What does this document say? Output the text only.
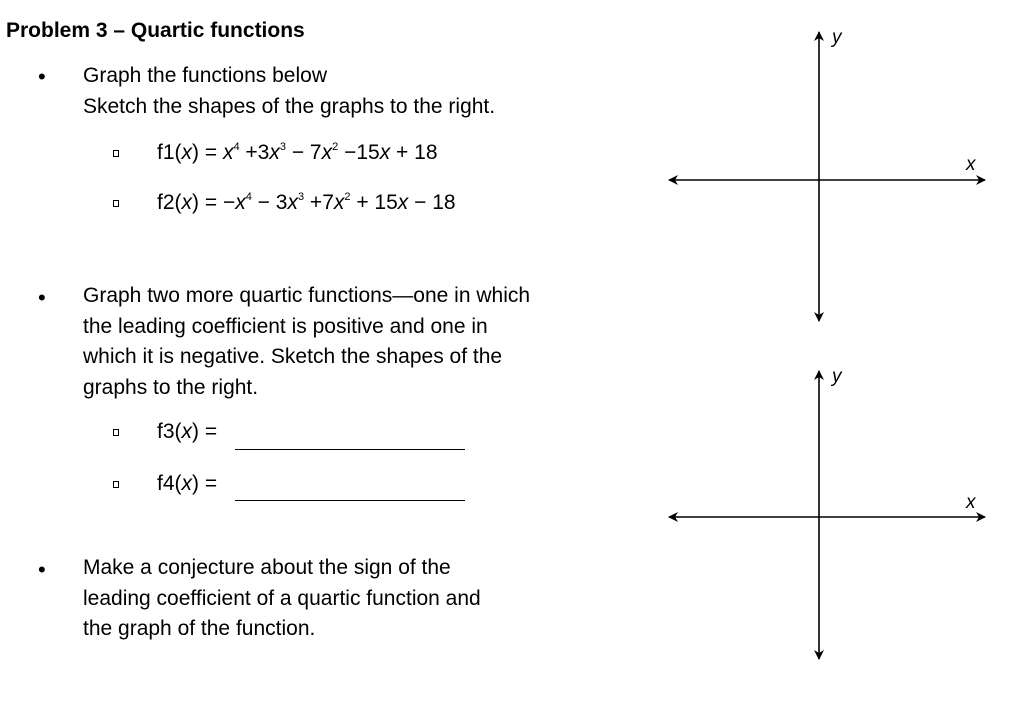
Problem 3 – Quartic functions
• Graph the functions below
Sketch the shapes of the graphs to the right.
$f1(x) = x^4 +3x^3 - 7x^2 -15x + 18$
$f2(x) = -x^4 - 3x^3 +7x^2 + 15x - 18$
• Graph two more quartic functions—one in which
the leading coefficient is positive and one in
which it is negative. Sketch the shapes of the
graphs to the right.
f3(x) =
f4(x) =
• Make a conjecture about the sign of the
leading coefficient of a quartic function and
the graph of the function.
y
x
y
x
